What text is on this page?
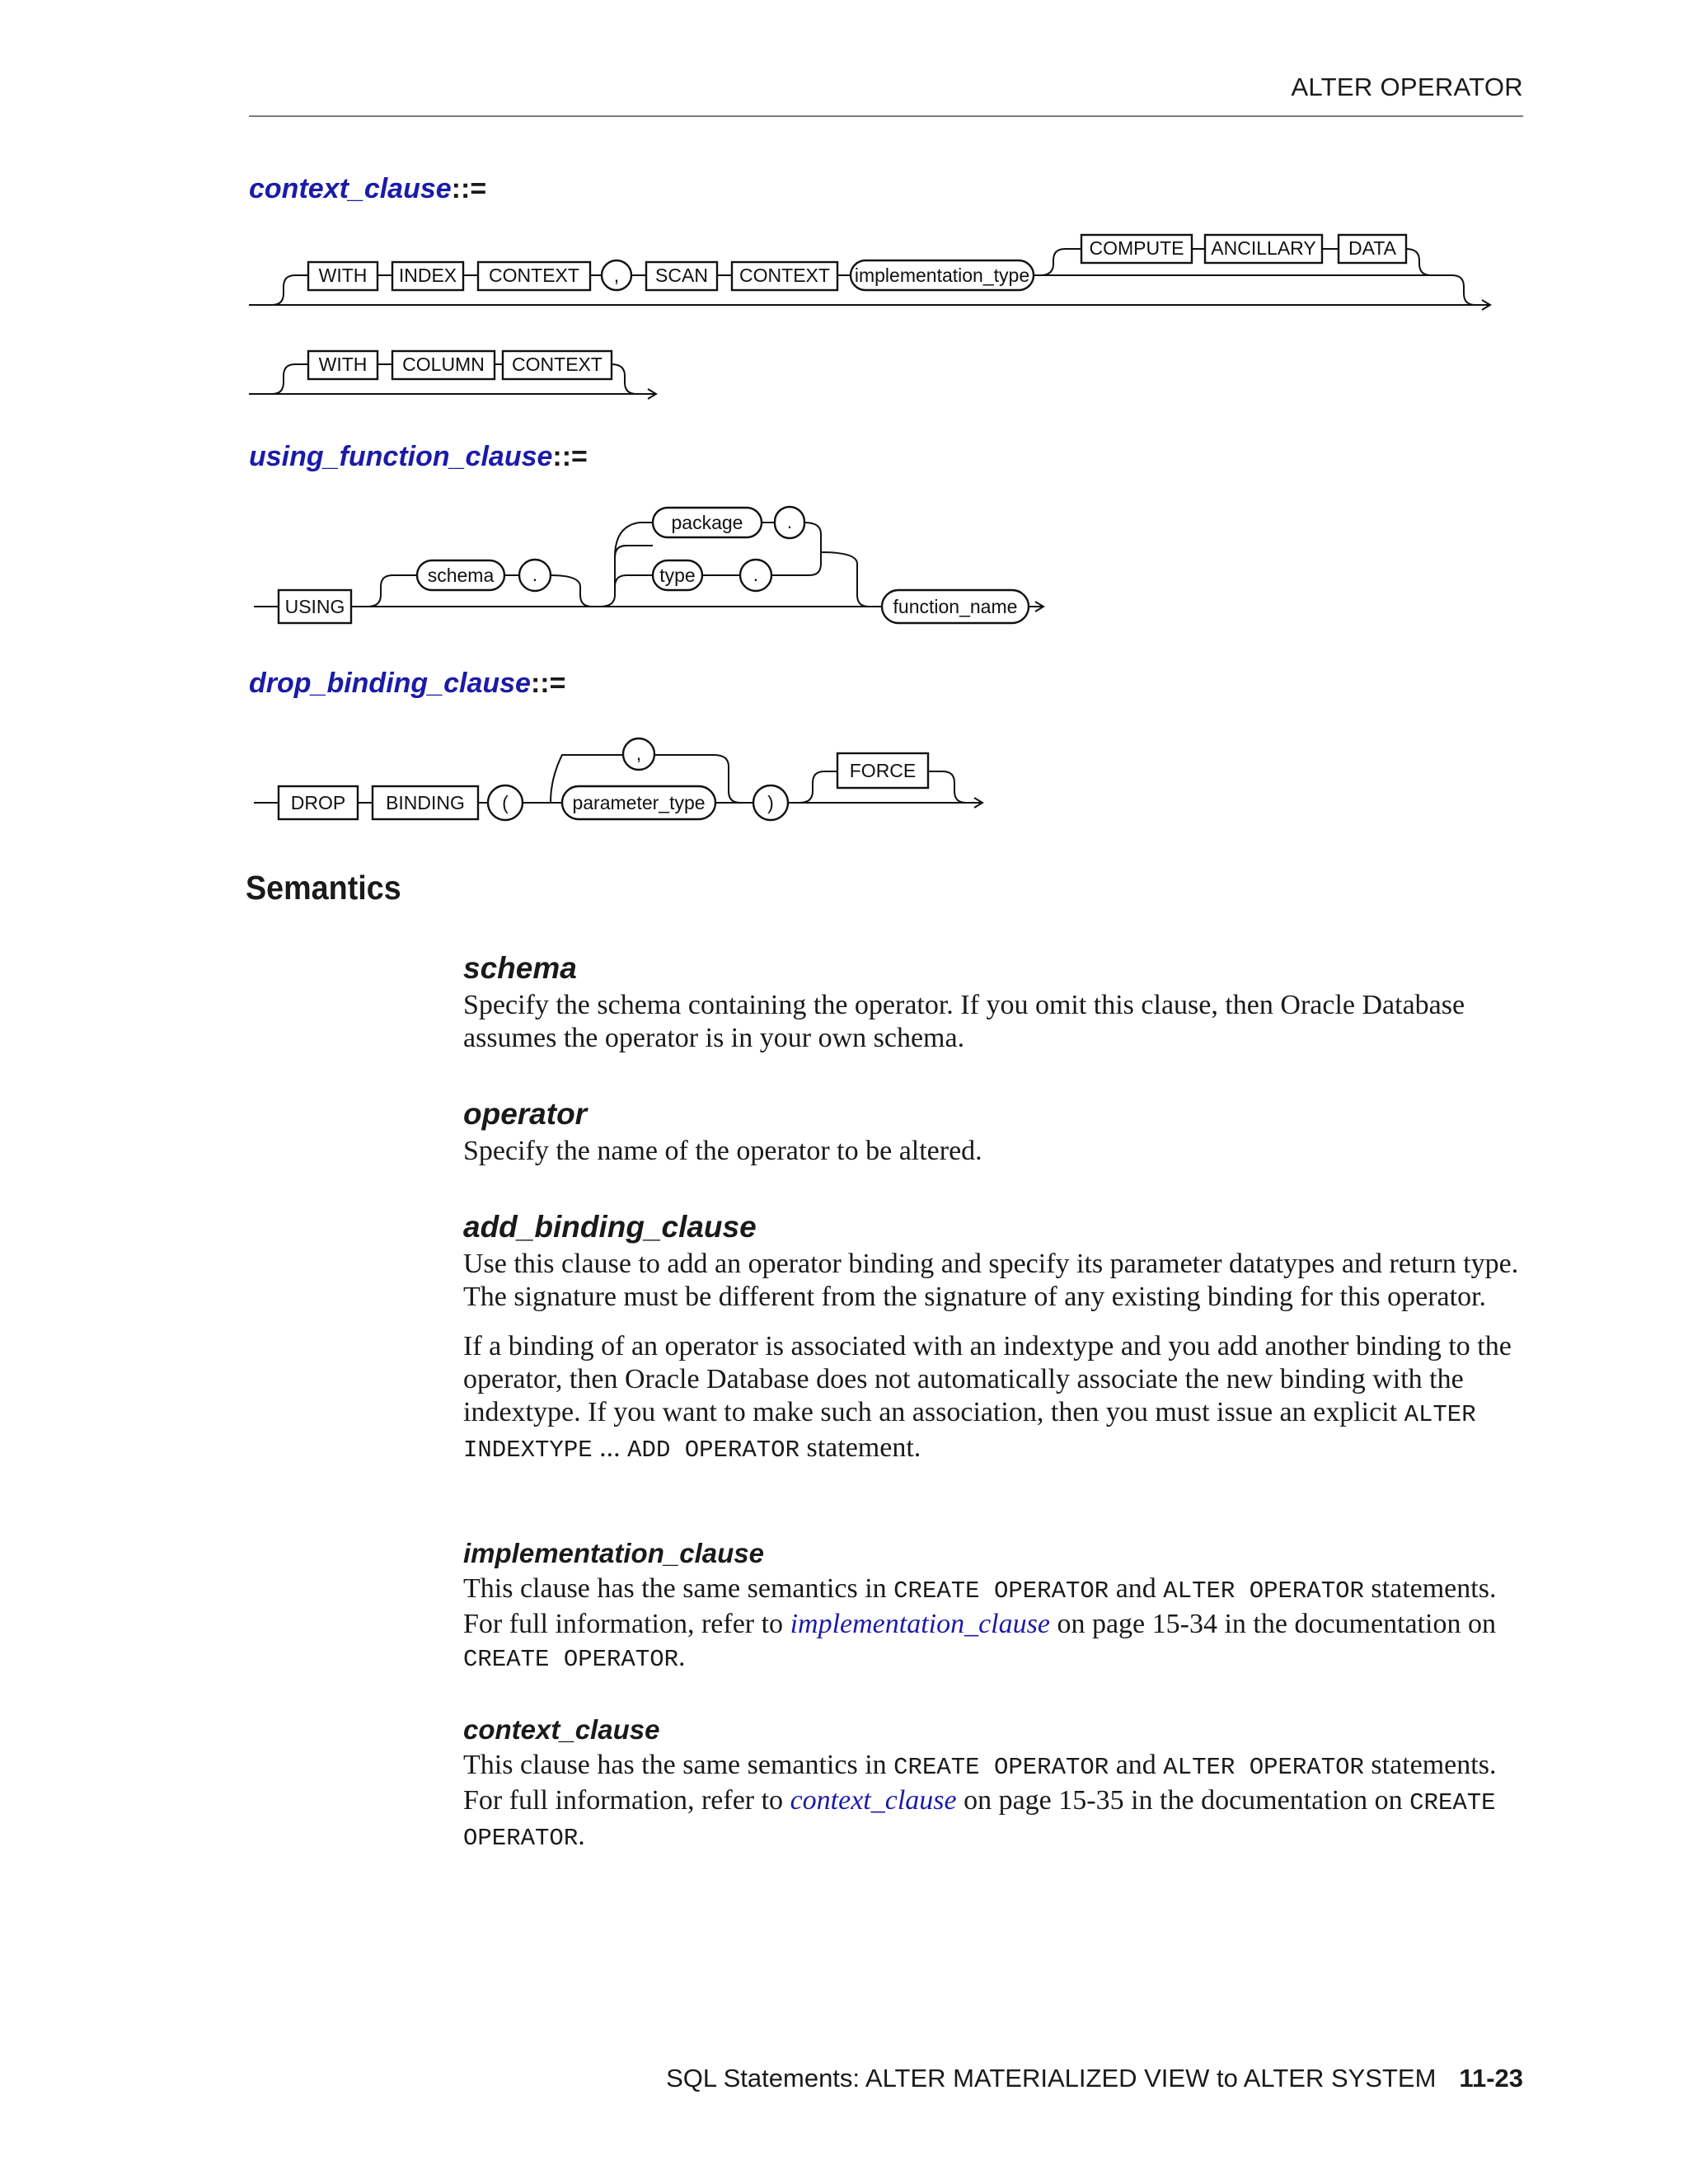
ALTER OPERATOR
context_clause::=
WITH INDEX CONTEXT , SCAN CONTEXT implementation_type
COMPUTE ANCILLARY DATA
WITH COLUMN CONTEXT
using_function_clause::=
USING
schema .
package .
type	.
function_name
drop_binding_clause::=
DROP BINDING (
,
parameter_type	)
FORCE
Semantics
schema

Specify the schema containing the operator. If you omit this clause, then Oracle Database assumes the operator is in your own schema.

operator

Specify the name of the operator to be altered.

add_binding_clause

Use this clause to add an operator binding and specify its parameter datatypes and return type. The signature must be different from the signature of any existing binding for this operator.

If a binding of an operator is associated with an indextype and you add another binding to the operator, then Oracle Database does not automatically associate the new binding with the indextype. If you want to make such an association, then you must issue an explicit ALTER INDEXTYPE ... ADD OPERATOR statement.

implementation_clause

This clause has the same semantics in CREATE OPERATOR and ALTER OPERATOR statements. For full information, refer to implementation_clause on page 15-34 in the documentation on CREATE OPERATOR.

context_clause

This clause has the same semantics in CREATE OPERATOR and ALTER OPERATOR statements. For full information, refer to context_clause on page 15-35 in the documentation on CREATE OPERATOR.

SQL Statements: ALTER MATERIALIZED VIEW to ALTER SYSTEM 11-23
